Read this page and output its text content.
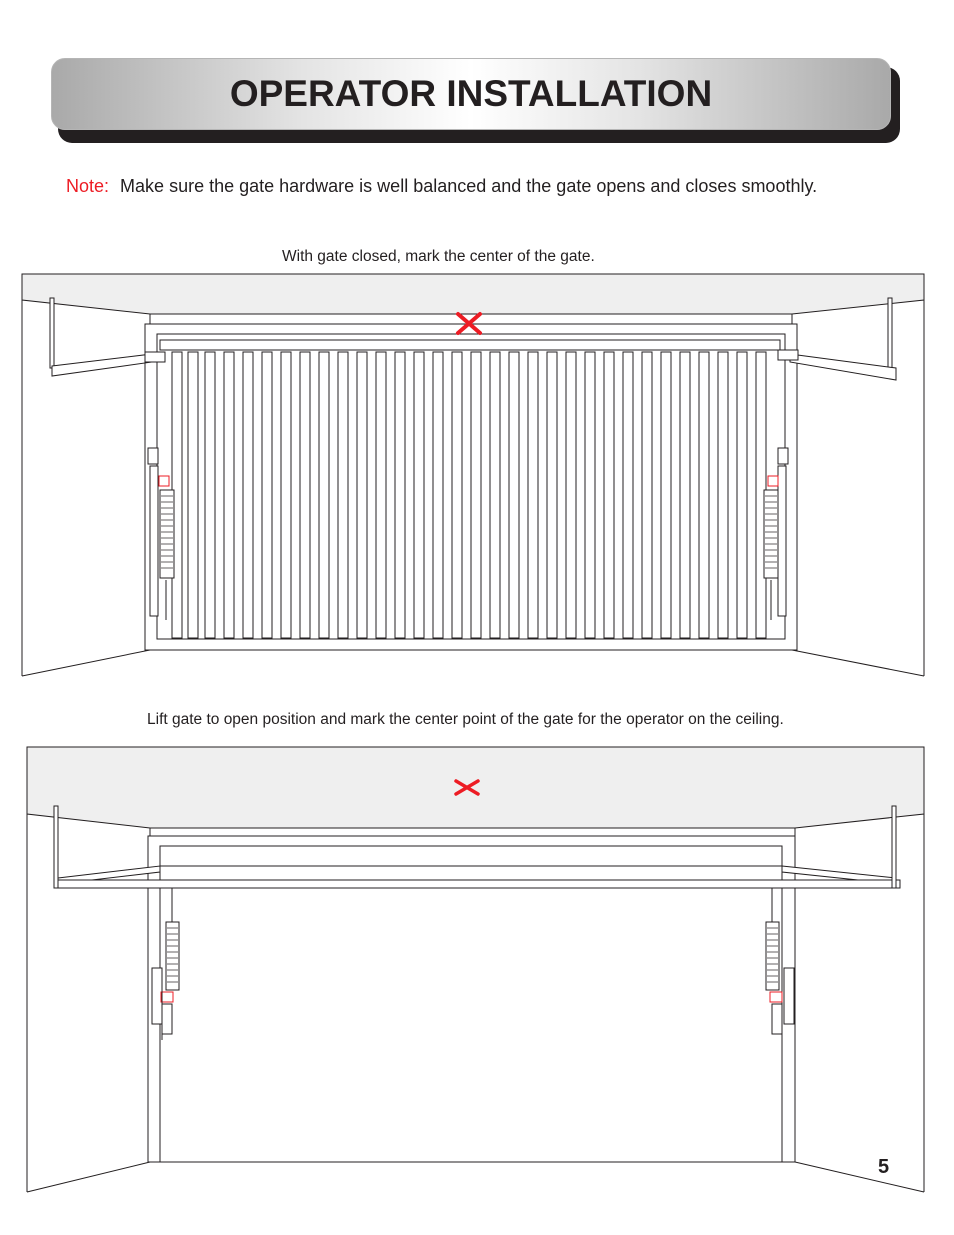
OPERATOR INSTALLATION
Note: Make sure the gate hardware is well balanced and the gate opens and closes smoothly.
With gate closed, mark the center of the gate.
Lift gate to open position and mark the center point of the gate for the operator on the ceiling.
5
